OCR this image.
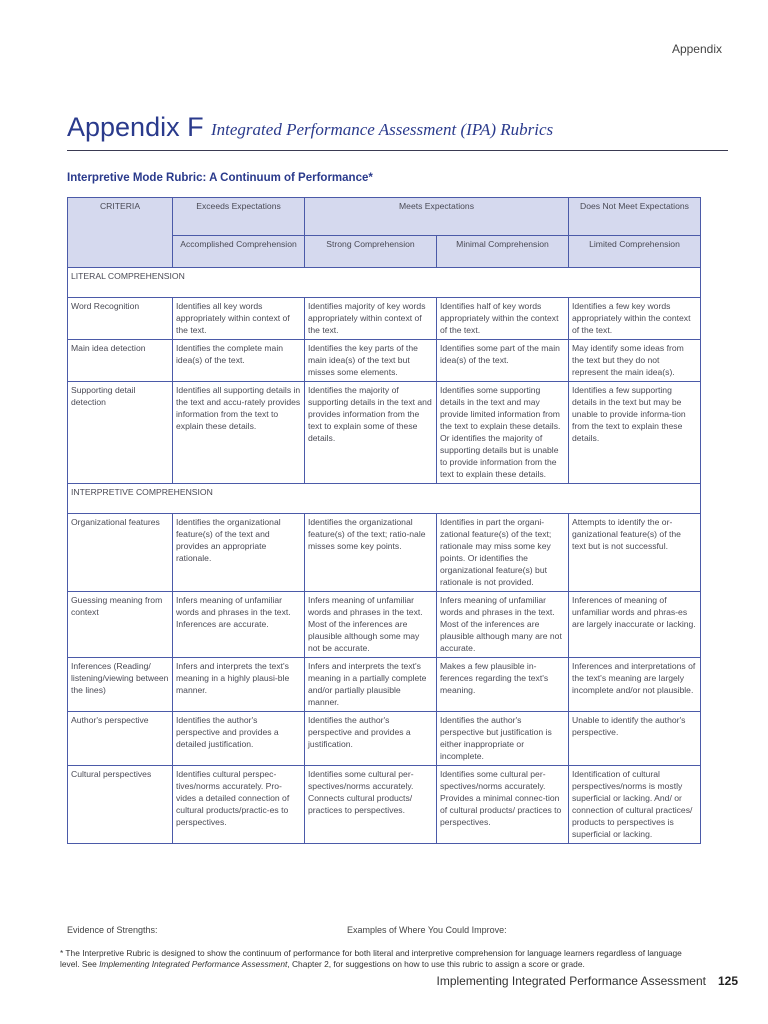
Appendix
Appendix F Integrated Performance Assessment (IPA) Rubrics
Interpretive Mode Rubric: A Continuum of Performance*
CRITERIA	Exceeds Expectations	Meets Expectations		Does Not Meet Expectations
	Accomplished Comprehension	Strong Comprehension	Minimal Comprehension	Limited Comprehension
LITERAL COMPREHENSION				
Word Recognition	Identifies all key words appropriately within context of the text.	Identifies majority of key words appropriately within context of the text.	Identifies half of key words appropriately within the context of the text.	Identifies a few key words appropriately within the context of the text.
Main idea detection	Identifies the complete main idea(s) of the text.	Identifies the key parts of the main idea(s) of the text but misses some elements.	Identifies some part of the main idea(s) of the text.	May identify some ideas from the text but they do not represent the main idea(s).
Supporting detail detection	Identifies all supporting details in the text and accu-rately provides information from the text to explain these details.	Identifies the majority of supporting details in the text and provides information from the text to explain some of these details.	Identifies some supporting details in the text and may provide limited information from the text to explain these details. Or identifies the majority of supporting details but is unable to provide information from the text to explain these details.	Identifies a few supporting details in the text but may be unable to provide informa-tion from the text to explain these details.
INTERPRETIVE COMPREHENSION				
Organizational features	Identifies the organizational feature(s) of the text and provides an appropriate rationale.	Identifies the organizational feature(s) of the text; ratio-nale misses some key points.	Identifies in part the organi-zational feature(s) of the text; rationale may miss some key points. Or identifies the organizational feature(s) but rationale is not provided.	Attempts to identify the or-ganizational feature(s) of the text but is not successful.
Guessing meaning from context	Infers meaning of unfamiliar words and phrases in the text. Inferences are accurate.	Infers meaning of unfamiliar words and phrases in the text. Most of the inferences are plausible although some may not be accurate.	Infers meaning of unfamiliar words and phrases in the text. Most of the inferences are plausible although many are not accurate.	Inferences of meaning of unfamiliar words and phras-es are largely inaccurate or lacking.
Inferences (Reading/ listening/viewing between the lines)	Infers and interprets the text's meaning in a highly plausi-ble manner.	Infers and interprets the text's meaning in a partially complete and/or partially plausible manner.	Makes a few plausible in-ferences regarding the text's meaning.	Inferences and interpretations of the text's meaning are largely incomplete and/or not plausible.
Author's perspective	Identifies the author's perspective and provides a detailed justification.	Identifies the author's perspective and provides a justification.	Identifies the author's perspective but justification is either inappropriate or incomplete.	Unable to identify the author's perspective.
Cultural perspectives	Identifies cultural perspec-tives/norms accurately. Pro-vides a detailed connection of cultural products/practic-es to perspectives.	Identifies some cultural per-spectives/norms accurately. Connects cultural products/ practices to perspectives.	Identifies some cultural per-spectives/norms accurately. Provides a minimal connec-tion of cultural products/ practices to perspectives.	Identification of cultural perspectives/norms is mostly superficial or lacking. And/ or connection of cultural practices/ products to perspectives is superficial or lacking.
Evidence of Strengths:	Examples of Where You Could Improve:
* The Interpretive Rubric is designed to show the continuum of performance for both literal and interpretive comprehension for language learners regardless of language level. See Implementing Integrated Performance Assessment, Chapter 2, for suggestions on how to use this rubric to assign a score or grade.
Implementing Integrated Performance Assessment 125
